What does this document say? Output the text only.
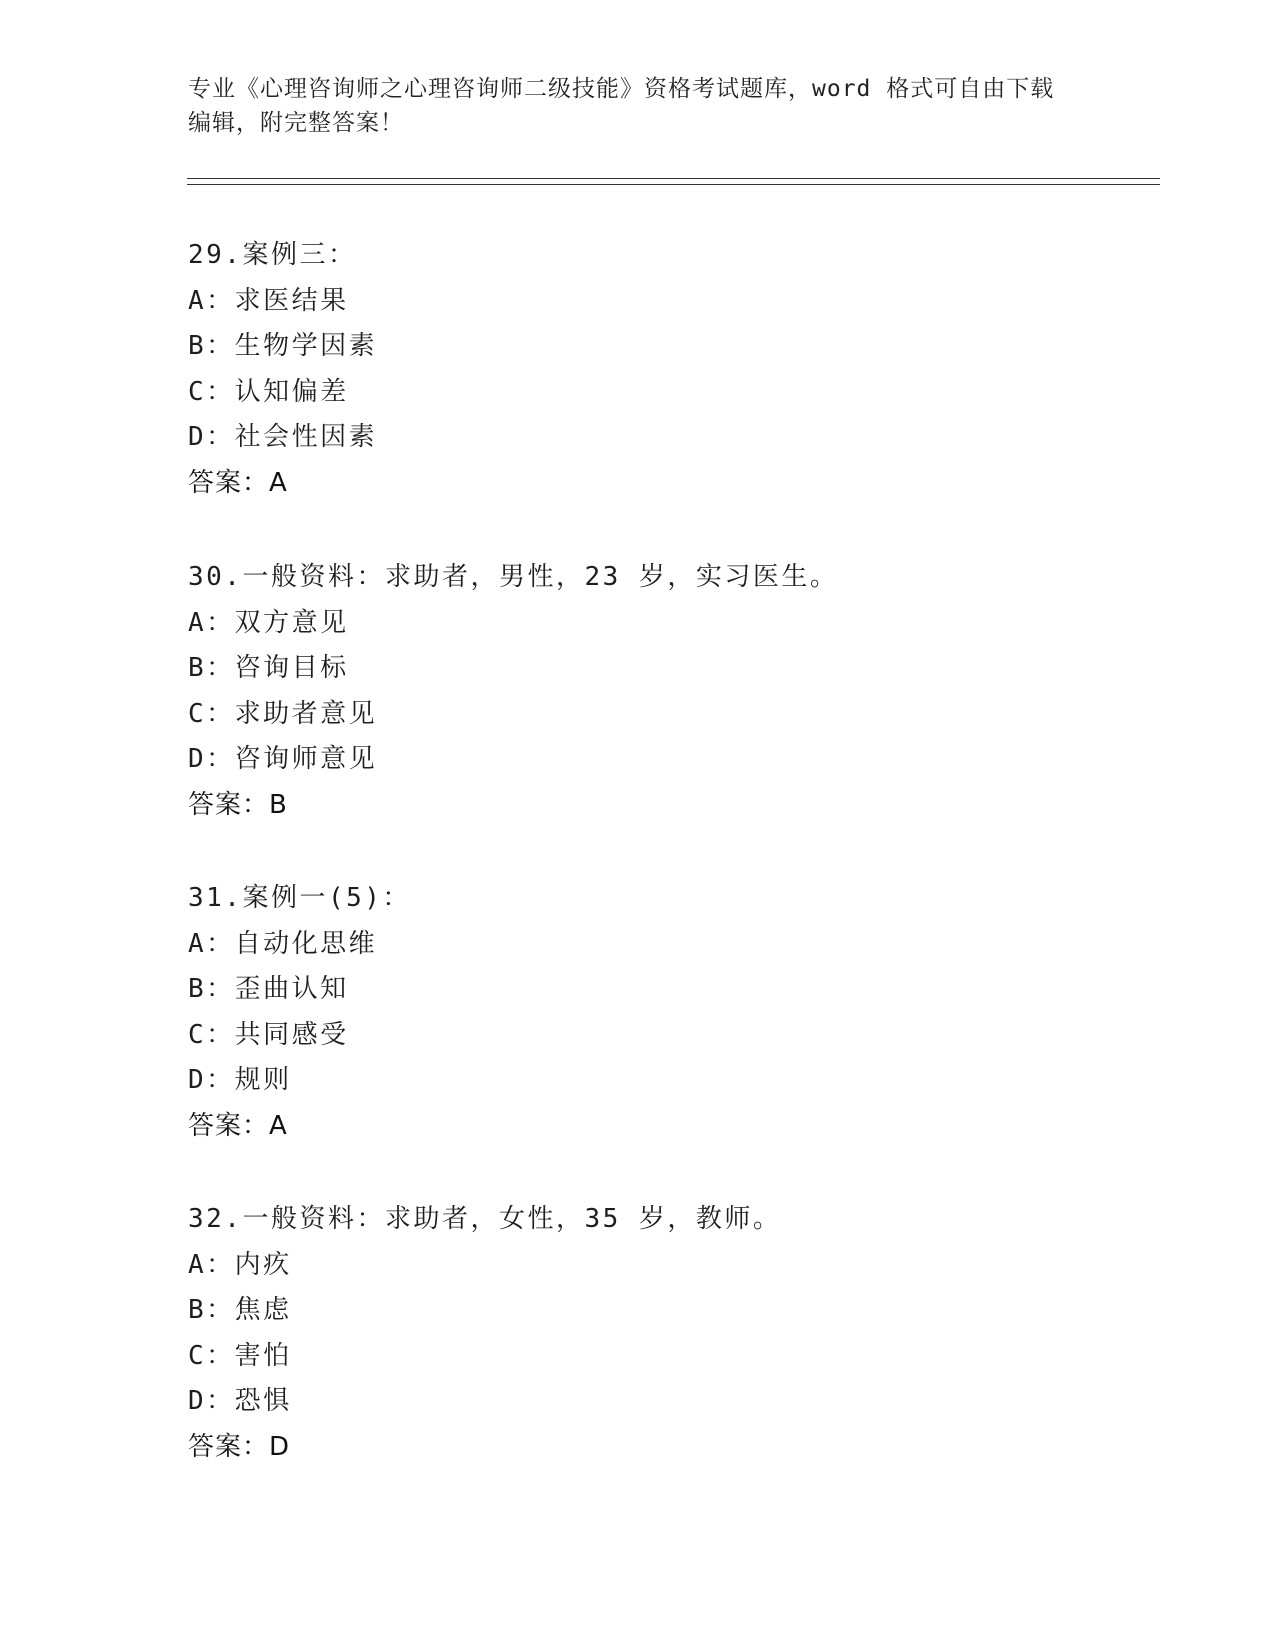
专业《心理咨询师之心理咨询师二级技能》资格考试题库，word 格式可自由下载
编辑，附完整答案！
29.案例三：
A：求医结果
B：生物学因素
C：认知偏差
D：社会性因素
答案：A
30.一般资料：求助者，男性，23 岁，实习医生。
A：双方意见
B：咨询目标
C：求助者意见
D：咨询师意见
答案：B
31.案例一(5)：
A：自动化思维
B：歪曲认知
C：共同感受
D：规则
答案：A
32.一般资料：求助者，女性，35 岁，教师。
A：内疚
B：焦虑
C：害怕
D：恐惧
答案：D
